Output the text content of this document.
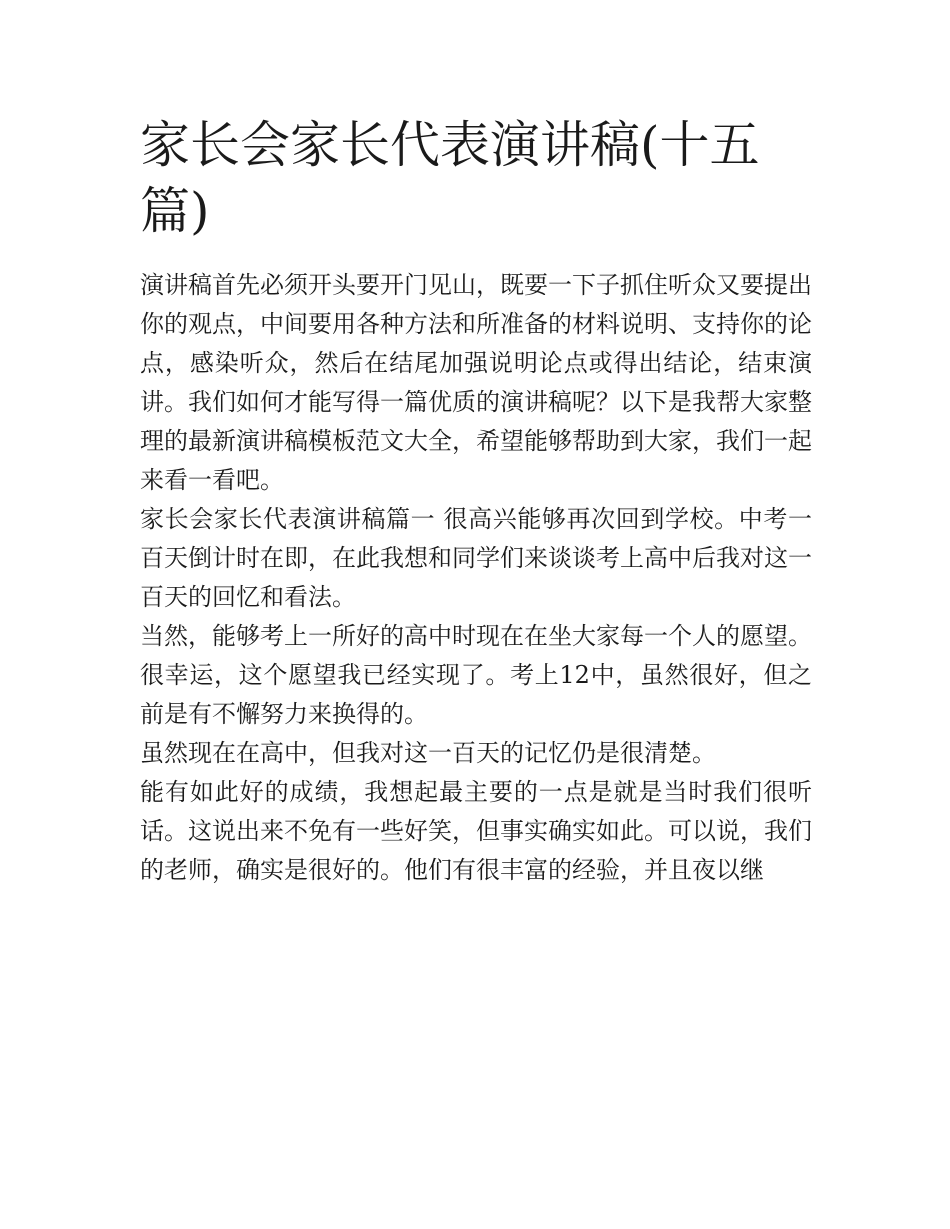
家长会家长代表演讲稿(十五篇)

演讲稿首先必须开头要开门见山，既要一下子抓住听众又要提出你的观点，中间要用各种方法和所准备的材料说明、支持你的论点，感染听众，然后在结尾加强说明论点或得出结论，结束演讲。我们如何才能写得一篇优质的演讲稿呢？以下是我帮大家整理的最新演讲稿模板范文大全，希望能够帮助到大家，我们一起来看一看吧。

家长会家长代表演讲稿篇一 很高兴能够再次回到学校。中考一百天倒计时在即，在此我想和同学们来谈谈考上高中后我对这一百天的回忆和看法。

当然，能够考上一所好的高中时现在在坐大家每一个人的愿望。很幸运，这个愿望我已经实现了。考上12中，虽然很好，但之前是有不懈努力来换得的。

虽然现在在高中，但我对这一百天的记忆仍是很清楚。

能有如此好的成绩，我想起最主要的一点是就是当时我们很听话。这说出来不免有一些好笑，但事实确实如此。可以说，我们的老师，确实是很好的。他们有很丰富的经验，并且夜以继
